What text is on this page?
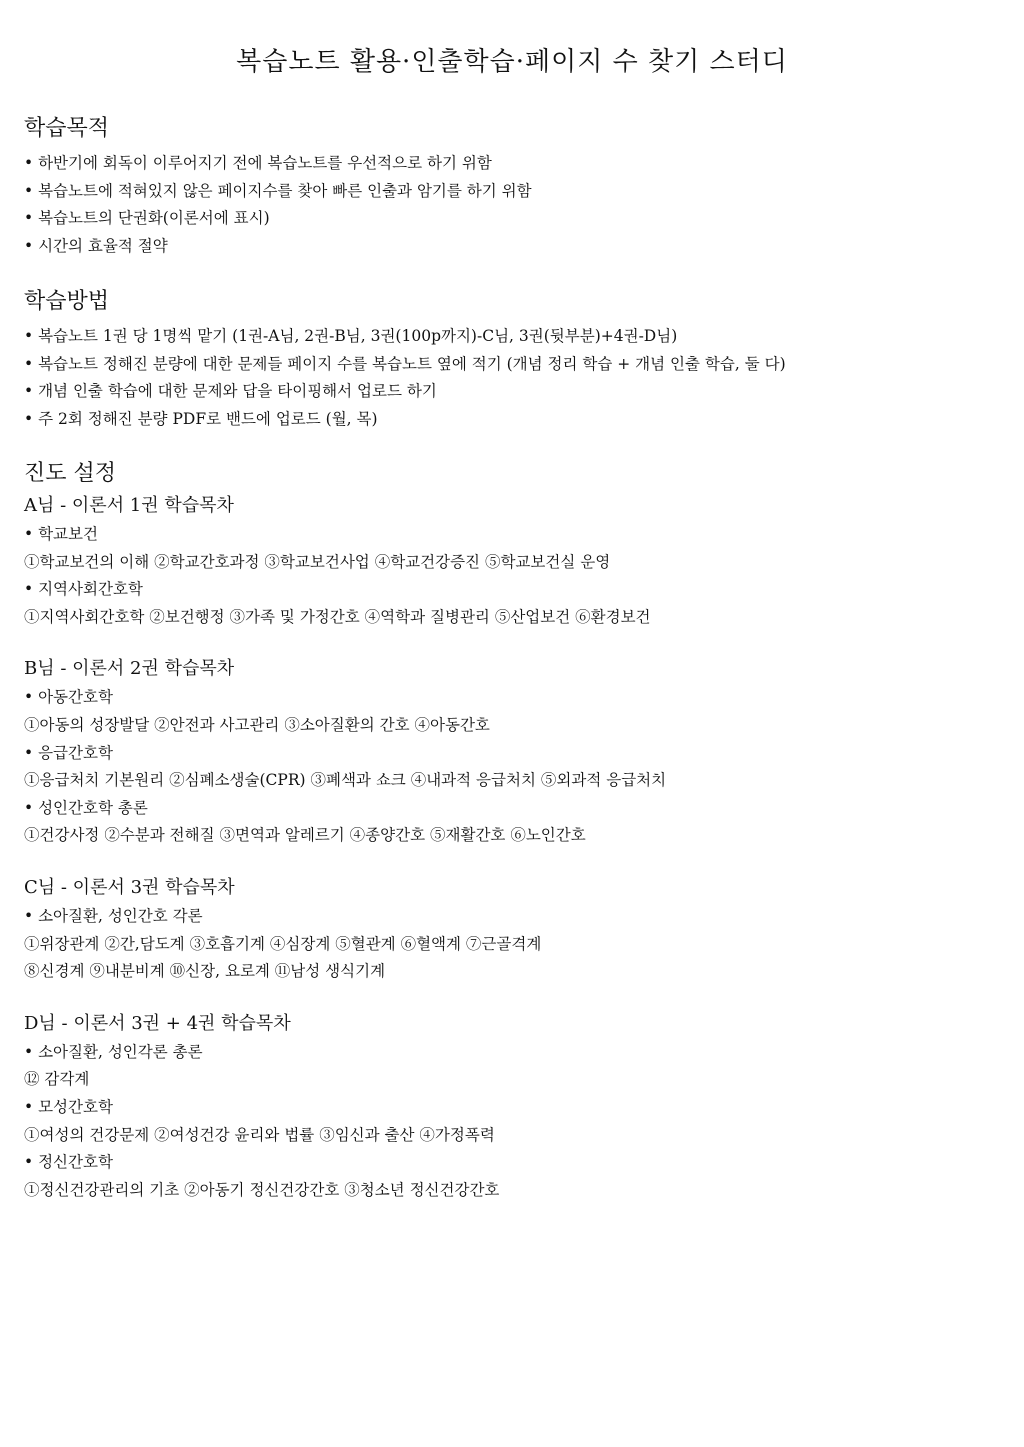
복습노트 활용·인출학습·페이지 수 찾기 스터디
학습목적
• 하반기에 회독이 이루어지기 전에 복습노트를 우선적으로 하기 위함
• 복습노트에 적혀있지 않은 페이지수를 찾아 빠른 인출과 암기를 하기 위함
• 복습노트의 단권화(이론서에 표시)
• 시간의 효율적 절약
학습방법
• 복습노트 1권 당 1명씩 맡기 (1권-A님, 2권-B님, 3권(100p까지)-C님, 3권(뒷부분)+4권-D님)
• 복습노트 정해진 분량에 대한 문제들 페이지 수를 복습노트 옆에 적기 (개념 정리 학습 + 개념 인출 학습, 둘 다)
• 개념 인출 학습에 대한 문제와 답을 타이핑해서 업로드 하기
• 주 2회 정해진 분량 PDF로 밴드에 업로드 (월, 목)
진도 설정
A님 - 이론서 1권 학습목차
• 학교보건
①학교보건의 이해 ②학교간호과정 ③학교보건사업 ④학교건강증진 ⑤학교보건실 운영
• 지역사회간호학
①지역사회간호학 ②보건행정 ③가족 및 가정간호 ④역학과 질병관리 ⑤산업보건 ⑥환경보건
B님 - 이론서 2권 학습목차
• 아동간호학
①아동의 성장발달 ②안전과 사고관리 ③소아질환의 간호 ④아동간호
• 응급간호학
①응급처치 기본원리 ②심폐소생술(CPR) ③폐색과 쇼크 ④내과적 응급처치 ⑤외과적 응급처치
• 성인간호학 총론
①건강사정 ②수분과 전해질 ③면역과 알레르기 ④종양간호 ⑤재활간호 ⑥노인간호
C님 - 이론서 3권 학습목차
• 소아질환, 성인간호 각론
①위장관계 ②간,담도계 ③호흡기계 ④심장계 ⑤혈관계 ⑥혈액계 ⑦근골격계
⑧신경계 ⑨내분비계 ⑩신장, 요로계 ⑪남성 생식기계
D님 - 이론서 3권 + 4권 학습목차
• 소아질환, 성인각론 총론
⑫ 감각계
• 모성간호학
①여성의 건강문제 ②여성건강 윤리와 법률 ③임신과 출산 ④가정폭력
• 정신간호학
①정신건강관리의 기초 ②아동기 정신건강간호 ③청소년 정신건강간호
